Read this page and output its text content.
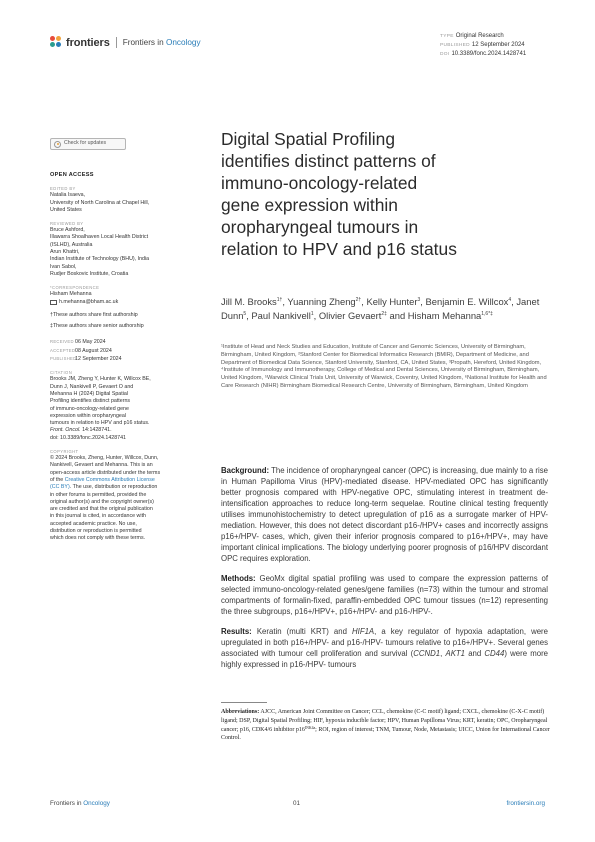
frontiers Frontiers in Oncology
TYPE Original Research
PUBLISHED 12 September 2024
DOI 10.3389/fonc.2024.1428741
Check for updates
OPEN ACCESS
EDITED BY
Natalia Isaeva,
University of North Carolina at Chapel Hill,
United States
REVIEWED BY
Bruce Ashford,
Illawarra Shoalhaven Local Health District
(ISLHD), Australia
Arun Khattri,
Indian Institute of Technology (BHU), India
Ivan Sabol,
Rudjer Boskovic Institute, Croatia
*CORRESPONDENCE
Hisham Mehanna
h.mehanna@bham.ac.uk
†These authors share first authorship
‡These authors share senior authorship
RECEIVED06 May 2024
ACCEPTED08 August 2024
PUBLISHED12 September 2024
CITATION
Brooks JM, Zheng Y, Hunter K, Willcox BE,
Dunn J, Nankivell P, Gevaert O and
Mehanna H (2024) Digital Spatial
Profiling identifies distinct patterns
of immuno-oncology-related gene
expression within oropharyngeal
tumours in relation to HPV and p16 status.
Front. Oncol. 14:1428741.
doi: 10.3389/fonc.2024.1428741
COPYRIGHT
© 2024 Brooks, Zheng, Hunter, Willcox, Dunn,
Nankivell, Gevaert and Mehanna. This is an
open-access article distributed under the terms
of the Creative Commons Attribution License
(CC BY). The use, distribution or reproduction
in other forums is permitted, provided the
original author(s) and the copyright owner(s)
are credited and that the original publication
in this journal is cited, in accordance with
accepted academic practice. No use,
distribution or reproduction is permitted
which does not comply with these terms.
Digital Spatial Profiling
identifies distinct patterns of
immuno-oncology-related
gene expression within
oropharyngeal tumours in
relation to HPV and p16 status
Jill M. Brooks$^{1\dagger}$, Yuanning Zheng$^{2\dagger}$, Kelly Hunter$^3$, Benjamin E. Willcox$^4$, Janet Dunn$^5$, Paul Nankivell$^1$, Olivier Gevaert$^{2\ddagger}$ and Hisham Mehanna$^{1,6*\ddagger}$
¹Institute of Head and Neck Studies and Education, Institute of Cancer and Genomic Sciences, University of Birmingham, Birmingham, United Kingdom, ²Stanford Center for Biomedical Informatics Research (BMIR), Department of Medicine, and Department of Biomedical Data Science, Stanford University, Stanford, CA, United States, ³Propath, Hereford, United Kingdom, ⁴Institute of Immunology and Immunotherapy, College of Medical and Dental Sciences, University of Birmingham, Birmingham, United Kingdom, ⁵Warwick Clinical Trials Unit, University of Warwick, Coventry, United Kingdom, ⁶National Institute for Health and Care Research (NIHR) Birmingham Biomedical Research Centre, University of Birmingham, Birmingham, United Kingdom

Background: The incidence of oropharyngeal cancer (OPC) is increasing, due mainly to a rise in Human Papilloma Virus (HPV)-mediated disease. HPV-mediated OPC has significantly better prognosis compared with HPV-negative OPC, stimulating interest in treatment de-intensification approaches to reduce long-term sequelae. Routine clinical testing frequently utilises immunohistochemistry to detect upregulation of p16 as a surrogate marker of HPV-mediation. However, this does not detect discordant p16-/HPV+ cases and incorrectly assigns p16+/HPV- cases, which, given their inferior prognosis compared to p16+/HPV+, may have important clinical implications. The biology underlying poorer prognosis of p16/HPV discordant OPC requires exploration.

Methods: GeoMx digital spatial profiling was used to compare the expression patterns of selected immuno-oncology-related genes/gene families (n=73) within the tumour and stromal compartments of formalin-fixed, paraffin-embedded OPC tumour tissues (n=12) representing the three subgroups, p16+/HPV+, p16+/HPV- and p16-/HPV-.

Results: Keratin (multi KRT) and HIF1A, a key regulator of hypoxia adaptation, were upregulated in both p16+/HPV- and p16-/HPV- tumours relative to p16+/HPV+. Several genes associated with tumour cell proliferation and survival (CCND1, AKT1 and CD44) were more highly expressed in p16-/HPV- tumours

Abbreviations: AJCC, American Joint Committee on Cancer; CCL, chemokine (C-C motif) ligand; CXCL, chemokine (C-X-C motif) ligand; DSP, Digital Spatial Profiling; HIF, hypoxia inducible factor; HPV, Human Papilloma Virus; KRT, keratin; OPC, Oropharyngeal cancer; p16, CDK4/6 inhibitor $p16^{INK4a}$; ROI, region of interest; TNM, Tumour, Node, Metastasis; UICC, Union for International Cancer Control.
Frontiers in Oncology	01	frontiersin.org
